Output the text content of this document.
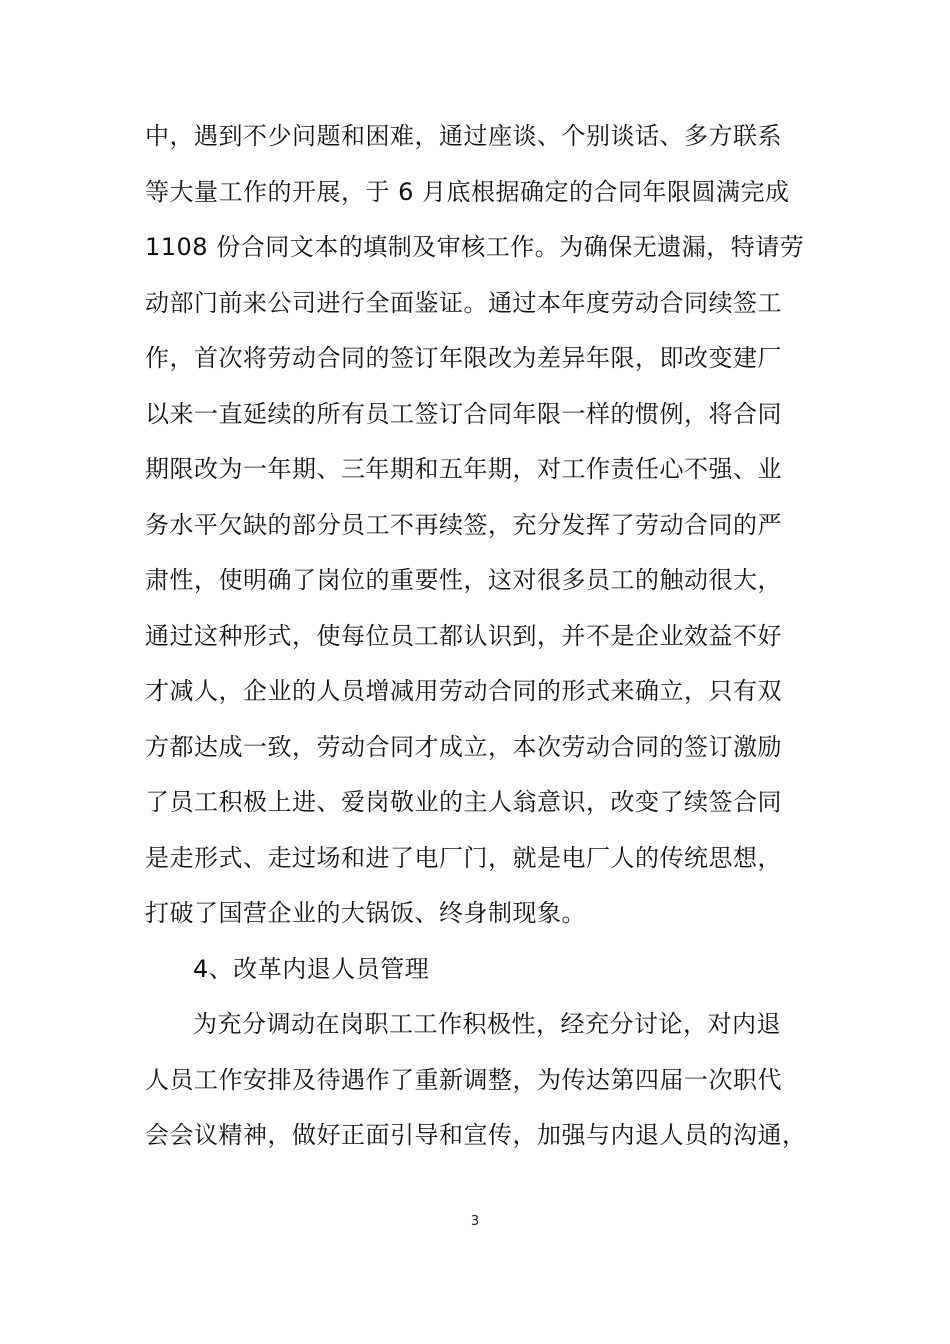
中，遇到不少问题和困难，通过座谈、个别谈话、多方联系
等大量工作的开展，于 6 月底根据确定的合同年限圆满完成
1108 份合同文本的填制及审核工作。为确保无遗漏，特请劳
动部门前来公司进行全面鉴证。通过本年度劳动合同续签工
作，首次将劳动合同的签订年限改为差异年限，即改变建厂
以来一直延续的所有员工签订合同年限一样的惯例，将合同
期限改为一年期、三年期和五年期，对工作责任心不强、业
务水平欠缺的部分员工不再续签，充分发挥了劳动合同的严
肃性，使明确了岗位的重要性，这对很多员工的触动很大，
通过这种形式，使每位员工都认识到，并不是企业效益不好
才减人，企业的人员增减用劳动合同的形式来确立，只有双
方都达成一致，劳动合同才成立，本次劳动合同的签订激励
了员工积极上进、爱岗敬业的主人翁意识，改变了续签合同
是走形式、走过场和进了电厂门，就是电厂人的传统思想，
打破了国营企业的大锅饭、终身制现象。
4、改革内退人员管理
为充分调动在岗职工工作积极性，经充分讨论，对内退
人员工作安排及待遇作了重新调整，为传达第四届一次职代
会会议精神，做好正面引导和宣传，加强与内退人员的沟通，
3
